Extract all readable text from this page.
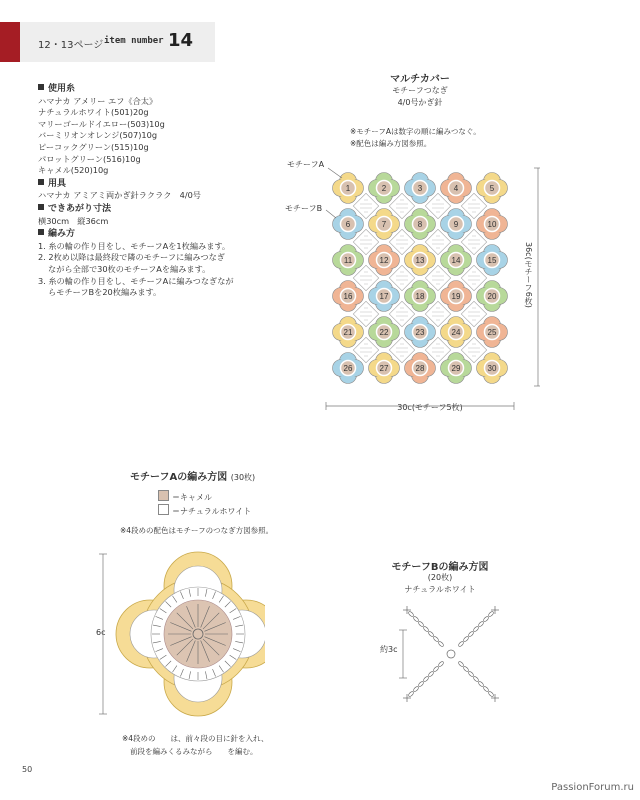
12・13ページ item number 14
使用糸
ハマナカ アメリー エフ《合太》
ナチュラルホワイト(501)20g
マリーゴールドイエロー(503)10g
バーミリオンオレンジ(507)10g
ピーコックグリーン(515)10g
パロットグリーン(516)10g
キャメル(520)10g
用具
ハマナカ アミアミ両かぎ針ラクラク　4/0号
できあがり寸法
横30cm　縦36cm
編み方
1. 糸の輪の作り目をし、モチーフAを1枚編みます。
2. 2枚め以降は最終段で隣のモチーフに編みつなぎ
ながら全部で30枚のモチーフAを編みます。
3. 糸の輪の作り目をし、モチーフAに編みつなぎなが
らモチーフBを20枚編みます。
マルチカバー
モチーフつなぎ
4/0号かぎ針
※モチーフAは数字の順に編みつなぐ。
※配色は編み方図参照。
モチーフA
モチーフB
30c(モチーフ5枚)
36c(モチーフ6枚)
1	2	3	4	5
6	7	8	9	10
11	12	13	14	15
16	17	18	19	20
21	22	23	24	25
26	27	28	29	30
モチーフAの編み方図 (30枚)
＝キャメル
＝ナチュラルホワイト
※4段めの配色はモチーフのつなぎ方図参照。
6c
※4段めの　　は、前々段の目に針を入れ、
前段を編みくるみながら　　を編む。
モチーフBの編み方図
(20枚)
ナチュラルホワイト
約3c
50
PassionForum.ru
